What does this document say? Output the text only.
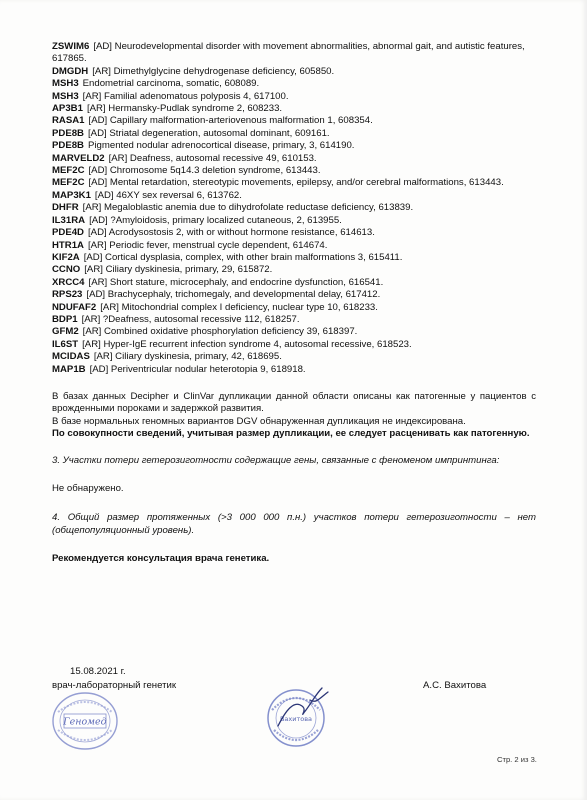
ZSWIM6 [AD] Neurodevelopmental disorder with movement abnormalities, abnormal gait, and autistic features, 617865.

DMGDH [AR] Dimethylglycine dehydrogenase deficiency, 605850.

MSH3 Endometrial carcinoma, somatic, 608089.

MSH3 [AR] Familial adenomatous polyposis 4, 617100.

AP3B1 [AR] Hermansky-Pudlak syndrome 2, 608233.

RASA1 [AD] Capillary malformation-arteriovenous malformation 1, 608354.

PDE8B [AD] Striatal degeneration, autosomal dominant, 609161.

PDE8B Pigmented nodular adrenocortical disease, primary, 3, 614190.

MARVELD2 [AR] Deafness, autosomal recessive 49, 610153.

MEF2C [AD] Chromosome 5q14.3 deletion syndrome, 613443.

MEF2C [AD] Mental retardation, stereotypic movements, epilepsy, and/or cerebral malformations, 613443.

MAP3K1 [AD] 46XY sex reversal 6, 613762.

DHFR [AR] Megaloblastic anemia due to dihydrofolate reductase deficiency, 613839.

IL31RA [AD] ?Amyloidosis, primary localized cutaneous, 2, 613955.

PDE4D [AD] Acrodysostosis 2, with or without hormone resistance, 614613.

HTR1A [AR] Periodic fever, menstrual cycle dependent, 614674.

KIF2A [AD] Cortical dysplasia, complex, with other brain malformations 3, 615411.

CCNO [AR] Ciliary dyskinesia, primary, 29, 615872.

XRCC4 [AR] Short stature, microcephaly, and endocrine dysfunction, 616541.

RPS23 [AD] Brachycephaly, trichomegaly, and developmental delay, 617412.

NDUFAF2 [AR] Mitochondrial complex I deficiency, nuclear type 10, 618233.

BDP1 [AR] ?Deafness, autosomal recessive 112, 618257.

GFM2 [AR] Combined oxidative phosphorylation deficiency 39, 618397.

IL6ST [AR] Hyper-IgE recurrent infection syndrome 4, autosomal recessive, 618523.

MCIDAS [AR] Ciliary dyskinesia, primary, 42, 618695.

MAP1B [AD] Periventricular nodular heterotopia 9, 618918.

В базах данных Decipher и ClinVar дупликации данной области описаны как патогенные у пациентов с врожденными пороками и задержкой развития.

В базе нормальных геномных вариантов DGV обнаруженная дупликация не индексирована.

По совокупности сведений, учитывая размер дупликации, ее следует расценивать как патогенную.

3. Участки потери гетерозиготности содержащие гены, связанные с феноменом импринтинга:

Не обнаружено.

4. Общий размер протяженных (>3 000 000 п.н.) участков потери гетерозиготности – нет (общепопуляционный уровень).

Рекомендуется консультация врача генетика.

15.08.2021 г.
врач-лабораторный генетик	А.С. Вахитова
Геномед	Вахитова
Стр. 2 из 3.
